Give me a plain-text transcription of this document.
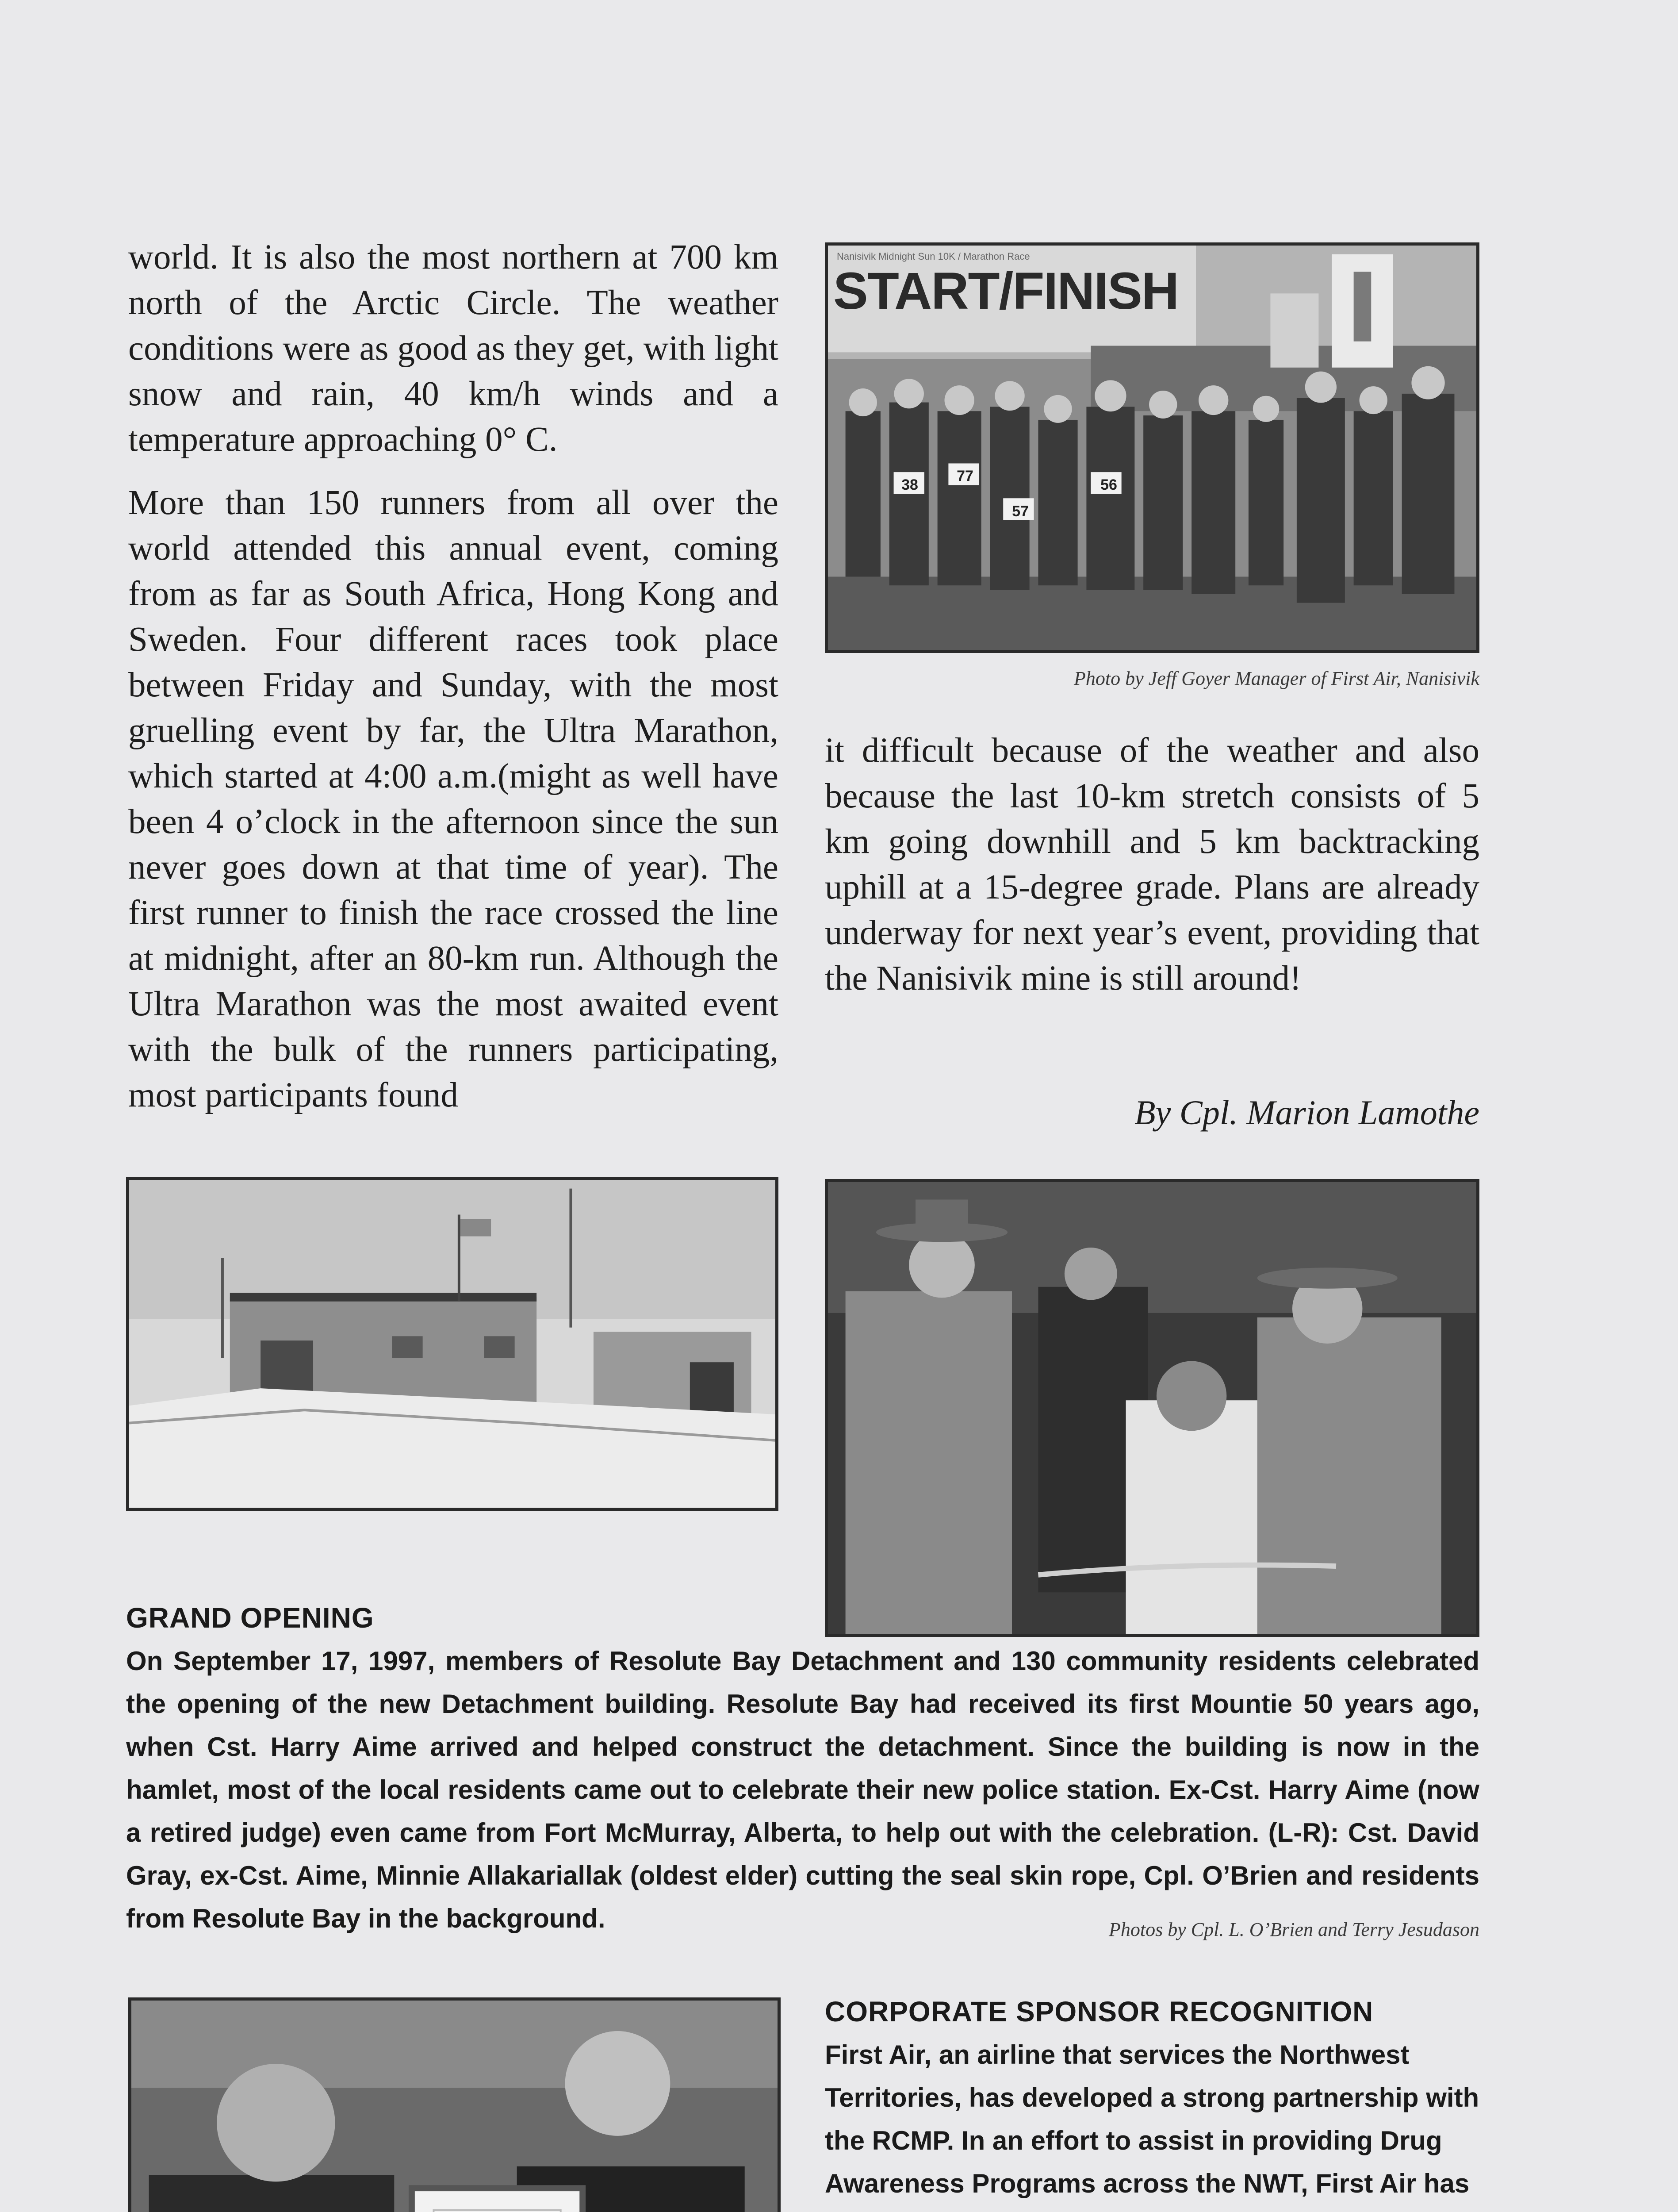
world. It is also the most northern at 700 km north of the Arctic Circle. The weather conditions were as good as they get, with light snow and rain, 40 km/h winds and a temperature approaching 0° C.

More than 150 runners from all over the world attended this annual event, coming from as far as South Africa, Hong Kong and Sweden. Four different races took place between Friday and Sunday, with the most gruelling event by far, the Ultra Marathon, which started at 4:00 a.m.(might as well have been 4 o’clock in the afternoon since the sun never goes down at that time of year). The first runner to finish the race crossed the line at midnight, after an 80-km run. Although the Ultra Marathon was the most awaited event with the bulk of the runners participating, most participants found

Nanisivik Midnight Sun 10K / Marathon Race
START/FINISH
38
77
56
57
Photo by Jeff Goyer Manager of First Air, Nanisivik

it difficult because of the weather and also because the last 10-km stretch consists of 5 km going downhill and 5 km backtracking uphill at a 15-degree grade. Plans are already underway for next year’s event, providing that the Nanisivik mine is still around!

By Cpl. Marion Lamothe
GRAND OPENING
On September 17, 1997, members of Resolute Bay Detachment and 130 community residents celebrated the opening of the new Detachment building. Resolute Bay had received its first Mountie 50 years ago, when Cst. Harry Aime arrived and helped construct the detachment. Since the building is now in the hamlet, most of the local residents came out to celebrate their new police station. Ex-Cst. Harry Aime (now a retired judge) even came from Fort McMurray, Alberta, to help out with the celebration. (L-R): Cst. David Gray, ex-Cst. Aime, Minnie Allakariallak (oldest elder) cutting the seal skin rope, Cpl. O’Brien and residents from Resolute Bay in the background.	Photos by Cpl. L. O’Brien and Terry Jesudason
CORPORATE SPONSOR RECOGNITION
First Air, an airline that services the Northwest Territories, has developed a strong partnership with the RCMP. In an effort to assist in providing Drug Awareness Programs across the NWT, First Air has
